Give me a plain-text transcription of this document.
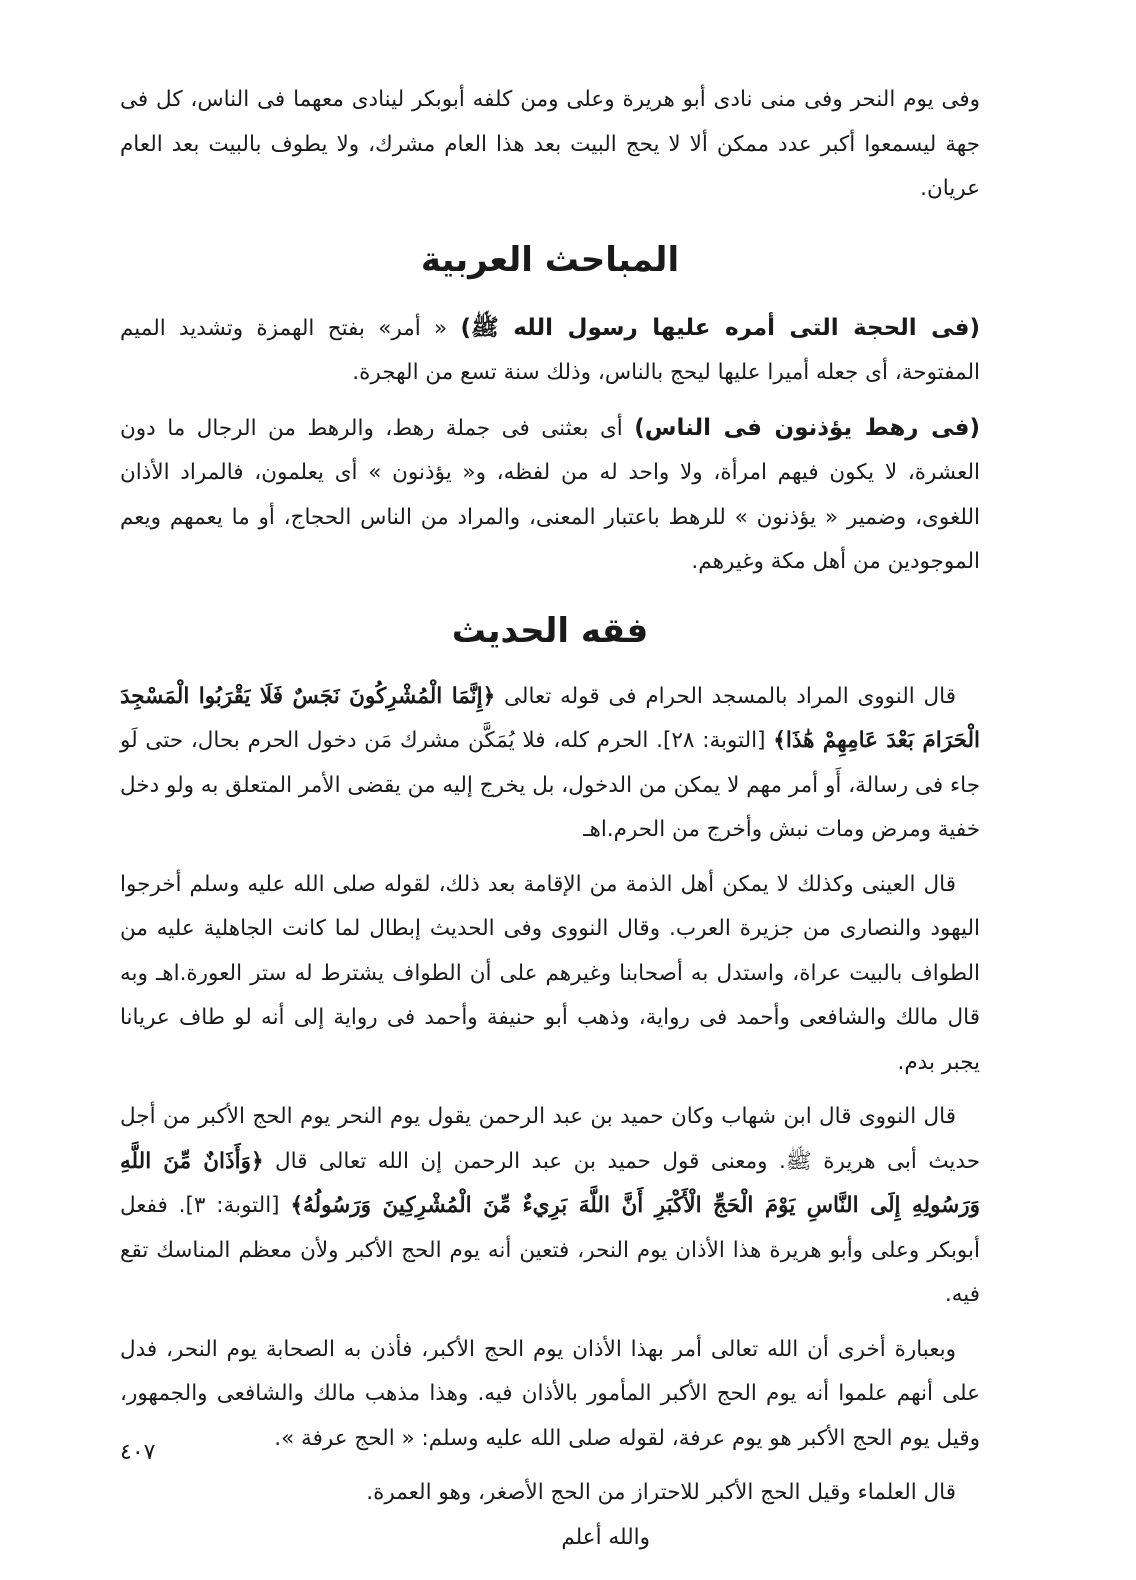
وفى يوم النحر وفى منى نادى أبو هريرة وعلى ومن كلفه أبوبكر لينادى معهما فى الناس، كل فى جهة ليسمعوا أكبر عدد ممكن ألا لا يحج البيت بعد هذا العام مشرك، ولا يطوف بالبيت بعد العام عريان.

المباحث العربية

(فى الحجة التى أمره عليها رسول الله ﷺ) « أمر» بفتح الهمزة وتشديد الميم المفتوحة، أى جعله أميرا عليها ليحج بالناس، وذلك سنة تسع من الهجرة.

(فى رهط يؤذنون فى الناس) أى بعثنى فى جملة رهط، والرهط من الرجال ما دون العشرة، لا يكون فيهم امرأة، ولا واحد له من لفظه، و« يؤذنون » أى يعلمون، فالمراد الأذان اللغوى، وضمير « يؤذنون » للرهط باعتبار المعنى، والمراد من الناس الحجاج، أو ما يعمهم ويعم الموجودين من أهل مكة وغيرهم.

فقه الحديث

قال النووى المراد بالمسجد الحرام فى قوله تعالى ﴿إِنَّمَا الْمُشْرِكُونَ نَجَسٌ فَلَا يَقْرَبُوا الْمَسْجِدَ الْحَرَامَ بَعْدَ عَامِهِمْ هَٰذَا﴾ [التوبة: ٢٨]. الحرم كله، فلا يُمَكَّن مشرك مَن دخول الحرم بحال، حتى لَو جاء فى رسالة، أَو أمر مهم لا يمكن من الدخول، بل يخرج إليه من يقضى الأمر المتعلق به ولو دخل خفية ومرض ومات نبش وأخرج من الحرم.اهـ

قال العينى وكذلك لا يمكن أهل الذمة من الإقامة بعد ذلك، لقوله صلى الله عليه وسلم أخرجوا اليهود والنصارى من جزيرة العرب. وقال النووى وفى الحديث إبطال لما كانت الجاهلية عليه من الطواف بالبيت عراة، واستدل به أصحابنا وغيرهم على أن الطواف يشترط له ستر العورة.اهـ وبه قال مالك والشافعى وأحمد فى رواية، وذهب أبو حنيفة وأحمد فى رواية إلى أنه لو طاف عريانا يجبر بدم.

قال النووى قال ابن شهاب وكان حميد بن عبد الرحمن يقول يوم النحر يوم الحج الأكبر من أجل حديث أبى هريرة ﷺ. ومعنى قول حميد بن عبد الرحمن إن الله تعالى قال ﴿وَأَذَانٌ مِّنَ اللَّهِ وَرَسُولِهِ إِلَى النَّاسِ يَوْمَ الْحَجِّ الْأَكْبَرِ أَنَّ اللَّهَ بَرِيءٌ مِّنَ الْمُشْرِكِينَ وَرَسُولُهُ﴾ [التوبة: ٣]. ففعل أبوبكر وعلى وأبو هريرة هذا الأذان يوم النحر، فتعين أنه يوم الحج الأكبر ولأن معظم المناسك تقع فيه.

وبعبارة أخرى أن الله تعالى أمر بهذا الأذان يوم الحج الأكبر، فأذن به الصحابة يوم النحر، فدل على أنهم علموا أنه يوم الحج الأكبر المأمور بالأذان فيه. وهذا مذهب مالك والشافعى والجمهور، وقيل يوم الحج الأكبر هو يوم عرفة، لقوله صلى الله عليه وسلم: « الحج عرفة ».

قال العلماء وقيل الحج الأكبر للاحتراز من الحج الأصغر، وهو العمرة.

والله أعلم

٤٠٧
